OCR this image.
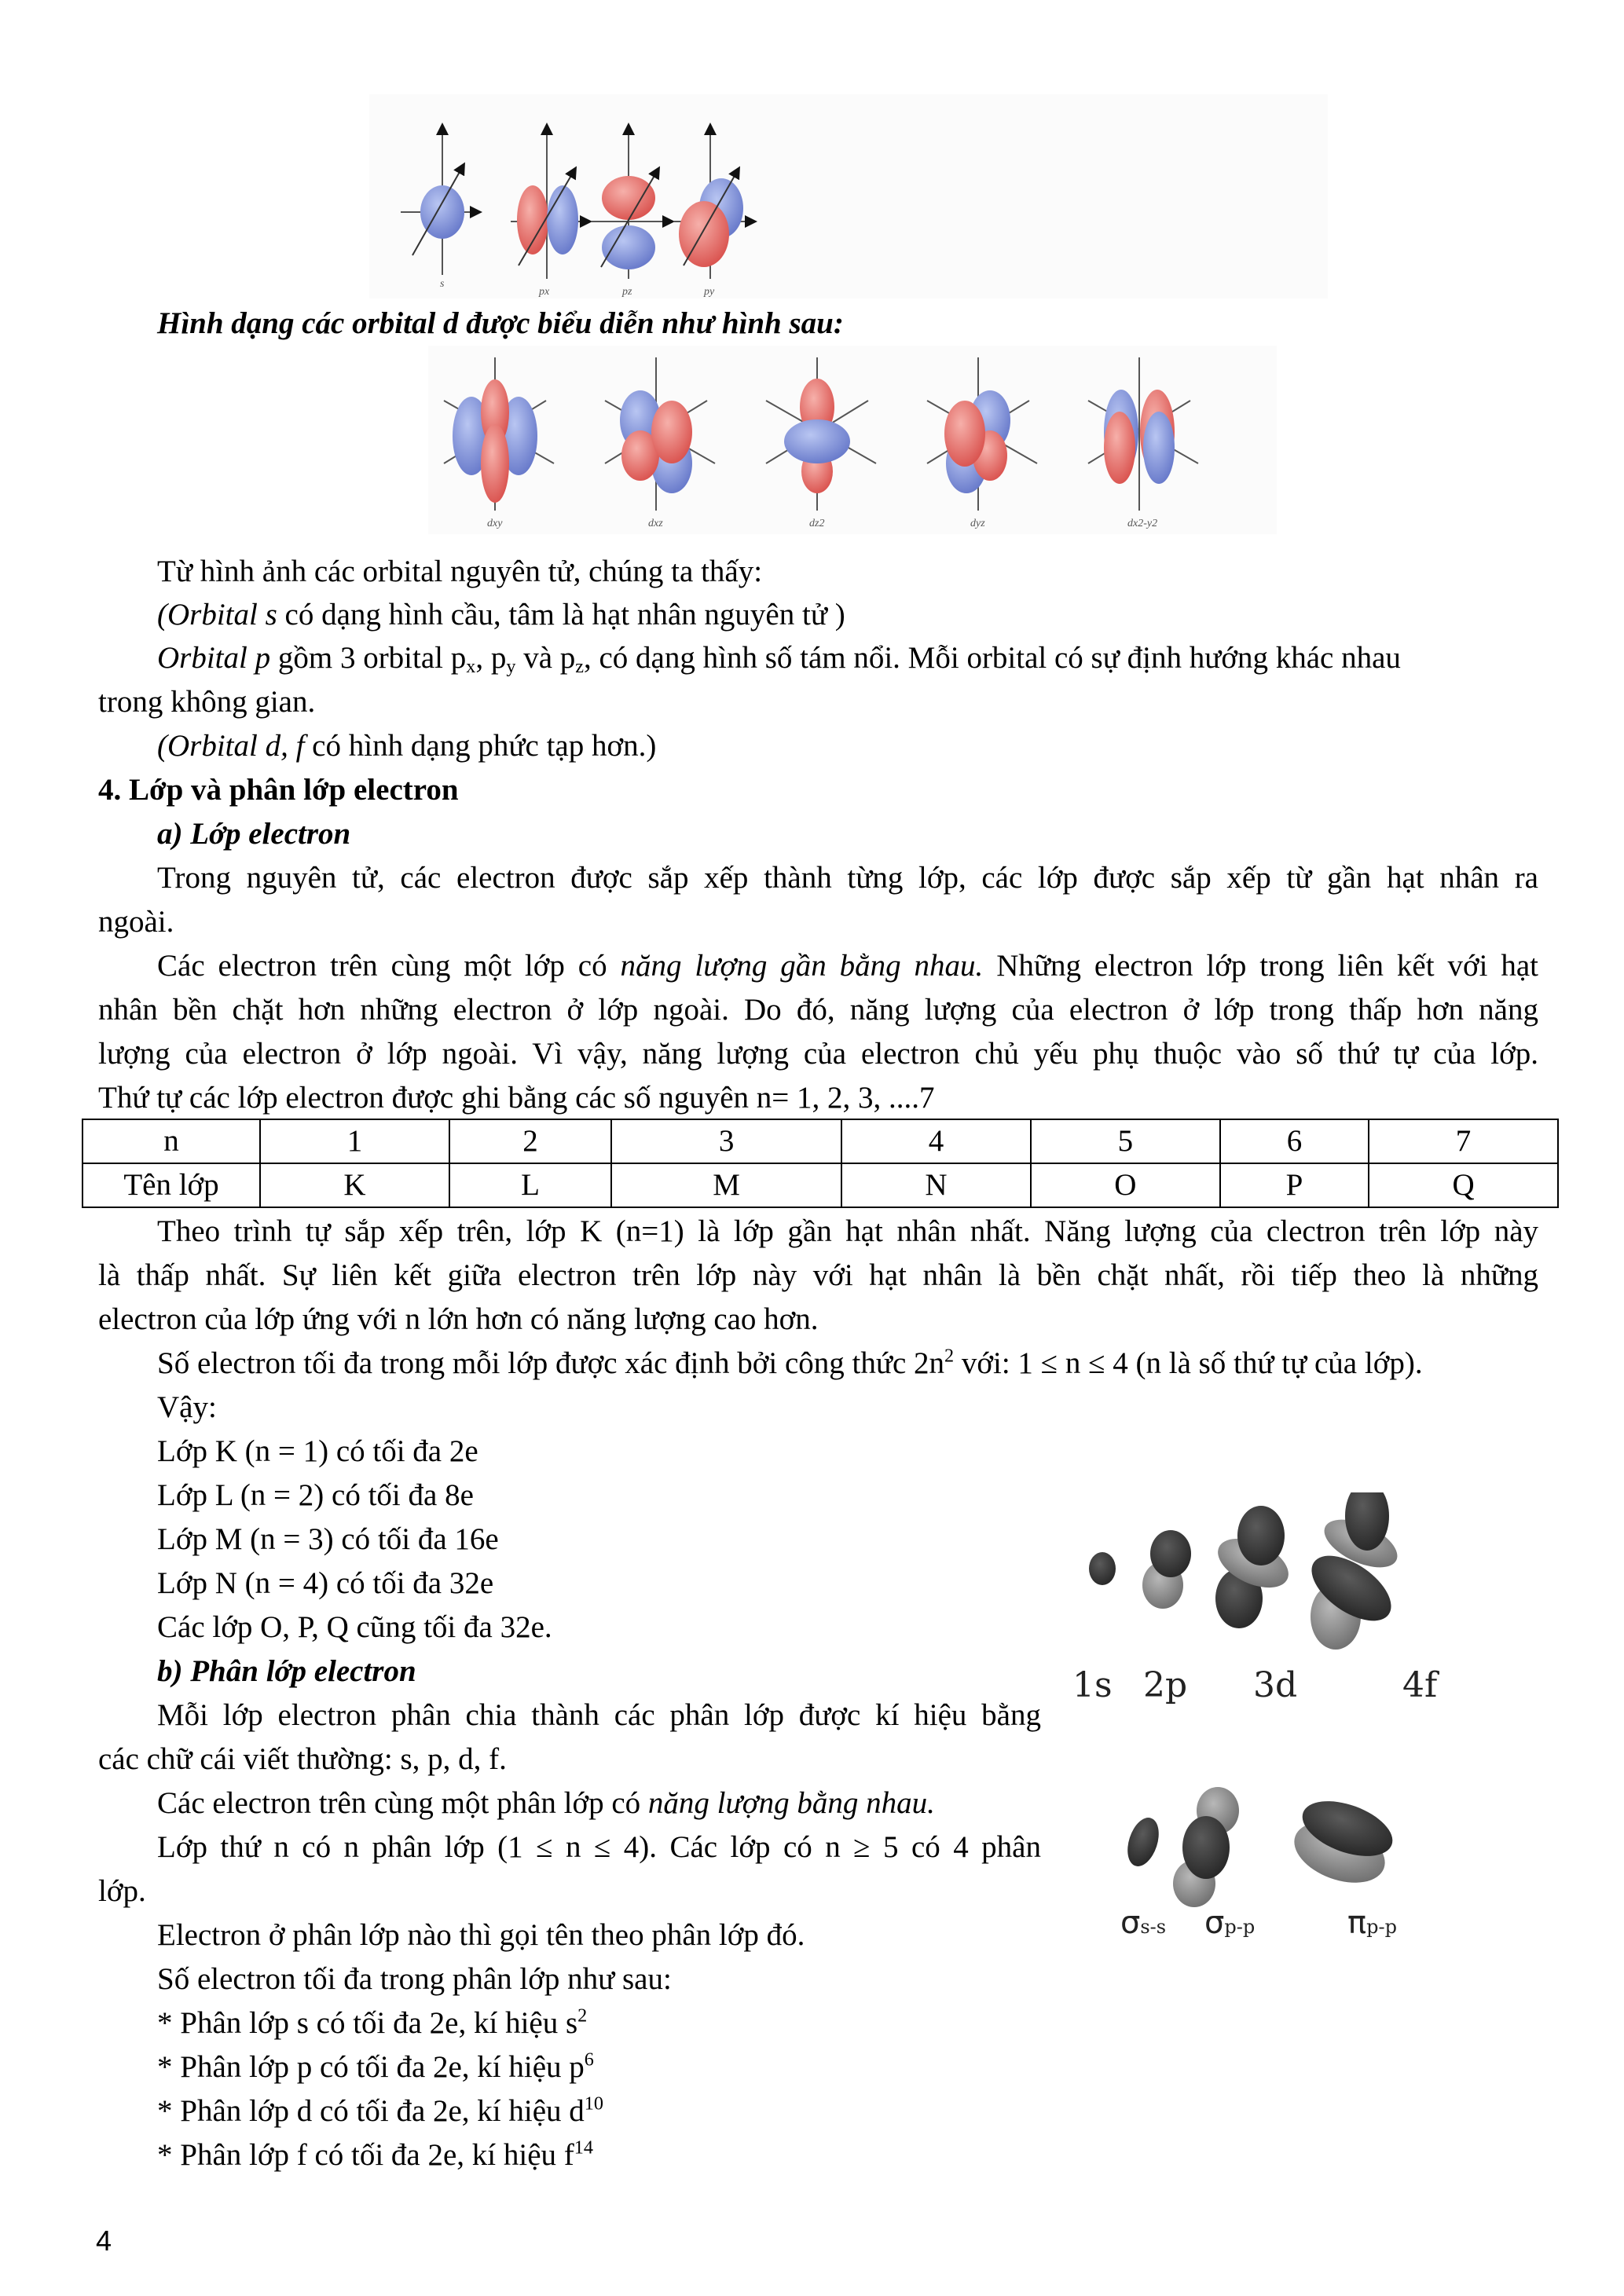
s
px	pz	py
Hình dạng các orbital d được biểu diễn như hình sau:
dxy	dxz	dz2	dyz	dx2-y2
Từ hình ảnh các orbital nguyên tử, chúng ta thấy:
(Orbital s có dạng hình cầu, tâm là hạt nhân nguyên tử )
Orbital p gồm 3 orbital $p_x$, $p_y$ và $p_z$, có dạng hình số tám nổi. Mỗi orbital có sự định hướng khác nhau
trong không gian.
(Orbital d, f có hình dạng phức tạp hơn.)
4. Lớp và phân lớp electron
a) Lớp electron
Trong nguyên tử, các electron được sắp xếp thành từng lớp, các lớp được sắp xếp từ gần hạt nhân ra
ngoài.
Các electron trên cùng một lớp có năng lượng gần bằng nhau. Những electron lớp trong liên kết với hạt
nhân bền chặt hơn những electron ở lớp ngoài. Do đó, năng lượng của electron ở lớp trong thấp hơn năng
lượng của electron ở lớp ngoài. Vì vậy, năng lượng của electron chủ yếu phụ thuộc vào số thứ tự của lớp.
Thứ tự các lớp electron được ghi bằng các số nguyên n= 1, 2, 3, ....7
n	1	2	3	4	5	6	7
Tên lớp	K	L	M	N	O	P	Q
Theo trình tự sắp xếp trên, lớp K (n=1) là lớp gần hạt nhân nhất. Năng lượng của clectron trên lớp này
là thấp nhất. Sự liên kết giữa electron trên lớp này với hạt nhân là bền chặt nhất, rồi tiếp theo là những
electron của lớp ứng với n lớn hơn có năng lượng cao hơn.
Số electron tối đa trong mỗi lớp được xác định bởi công thức $2n^2$ với: 1 ≤ n ≤ 4 (n là số thứ tự của lớp).
Vậy:
Lớp K (n = 1) có tối đa 2e
Lớp L (n = 2) có tối đa 8e
Lớp M (n = 3) có tối đa 16e
Lớp N (n = 4) có tối đa 32e
Các lớp O, P, Q cũng tối đa 32e.
b) Phân lớp electron
Mỗi lớp electron phân chia thành các phân lớp được kí hiệu bằng
các chữ cái viết thường: s, p, d, f.
Các electron trên cùng một phân lớp có năng lượng bằng nhau.
Lớp thứ n có n phân lớp (1 ≤ n ≤ 4). Các lớp có n ≥ 5 có 4 phân
lớp.
Electron ở phân lớp nào thì gọi tên theo phân lớp đó.
Số electron tối đa trong phân lớp như sau:
* Phân lớp s có tối đa 2e, kí hiệu $s^2$
* Phân lớp p có tối đa 2e, kí hiệu $p^6$
* Phân lớp d có tối đa 2e, kí hiệu $d^{10}$
* Phân lớp f có tối đa 2e, kí hiệu $f^{14}$
1s 2p 3d	4f
σs-s σp-p	πp-p
4
